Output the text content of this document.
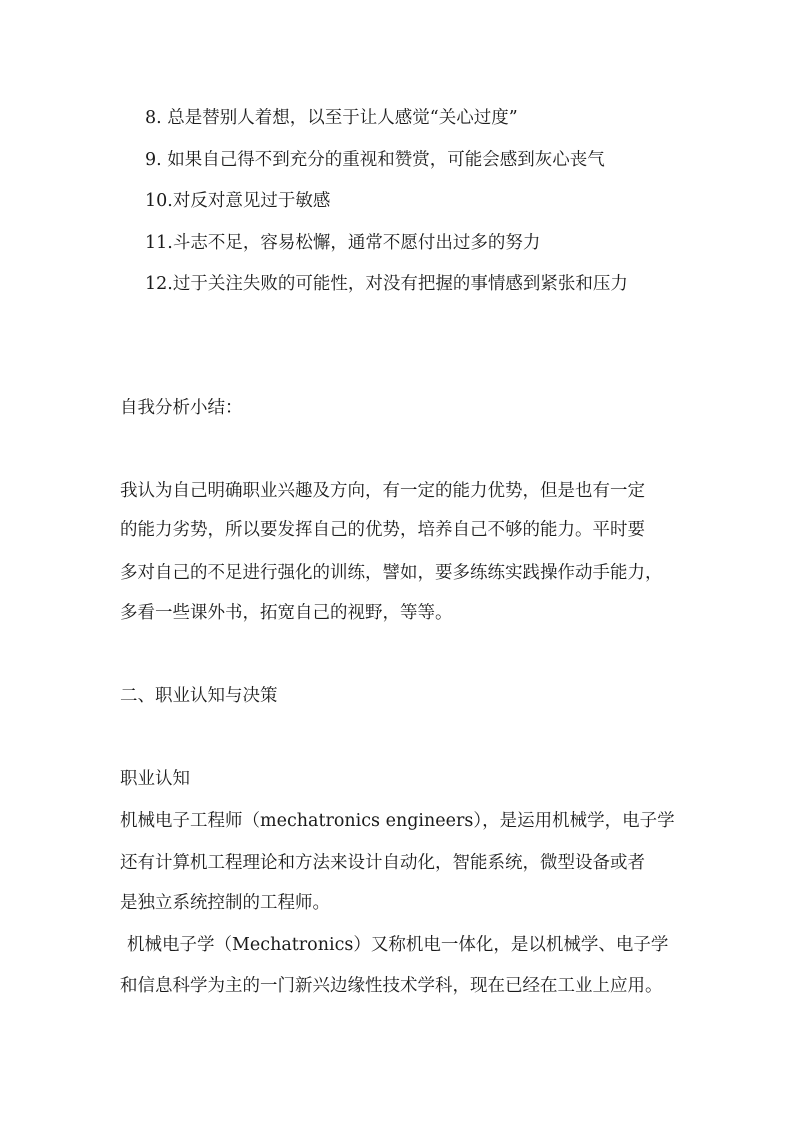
8. 总是替别人着想，以至于让人感觉“关心过度”
9. 如果自己得不到充分的重视和赞赏，可能会感到灰心丧气
10.对反对意见过于敏感
11.斗志不足，容易松懈，通常不愿付出过多的努力
12.过于关注失败的可能性，对没有把握的事情感到紧张和压力
自我分析小结：
我认为自己明确职业兴趣及方向，有一定的能力优势，但是也有一定
的能力劣势，所以要发挥自己的优势，培养自己不够的能力。平时要
多对自己的不足进行强化的训练，譬如，要多练练实践操作动手能力，
多看一些课外书，拓宽自己的视野，等等。
二、职业认知与决策
职业认知
机械电子工程师（mechatronics engineers），是运用机械学，电子学
还有计算机工程理论和方法来设计自动化，智能系统，微型设备或者
是独立系统控制的工程师。
机械电子学（Mechatronics）又称机电一体化，是以机械学、电子学
和信息科学为主的一门新兴边缘性技术学科，现在已经在工业上应用。
